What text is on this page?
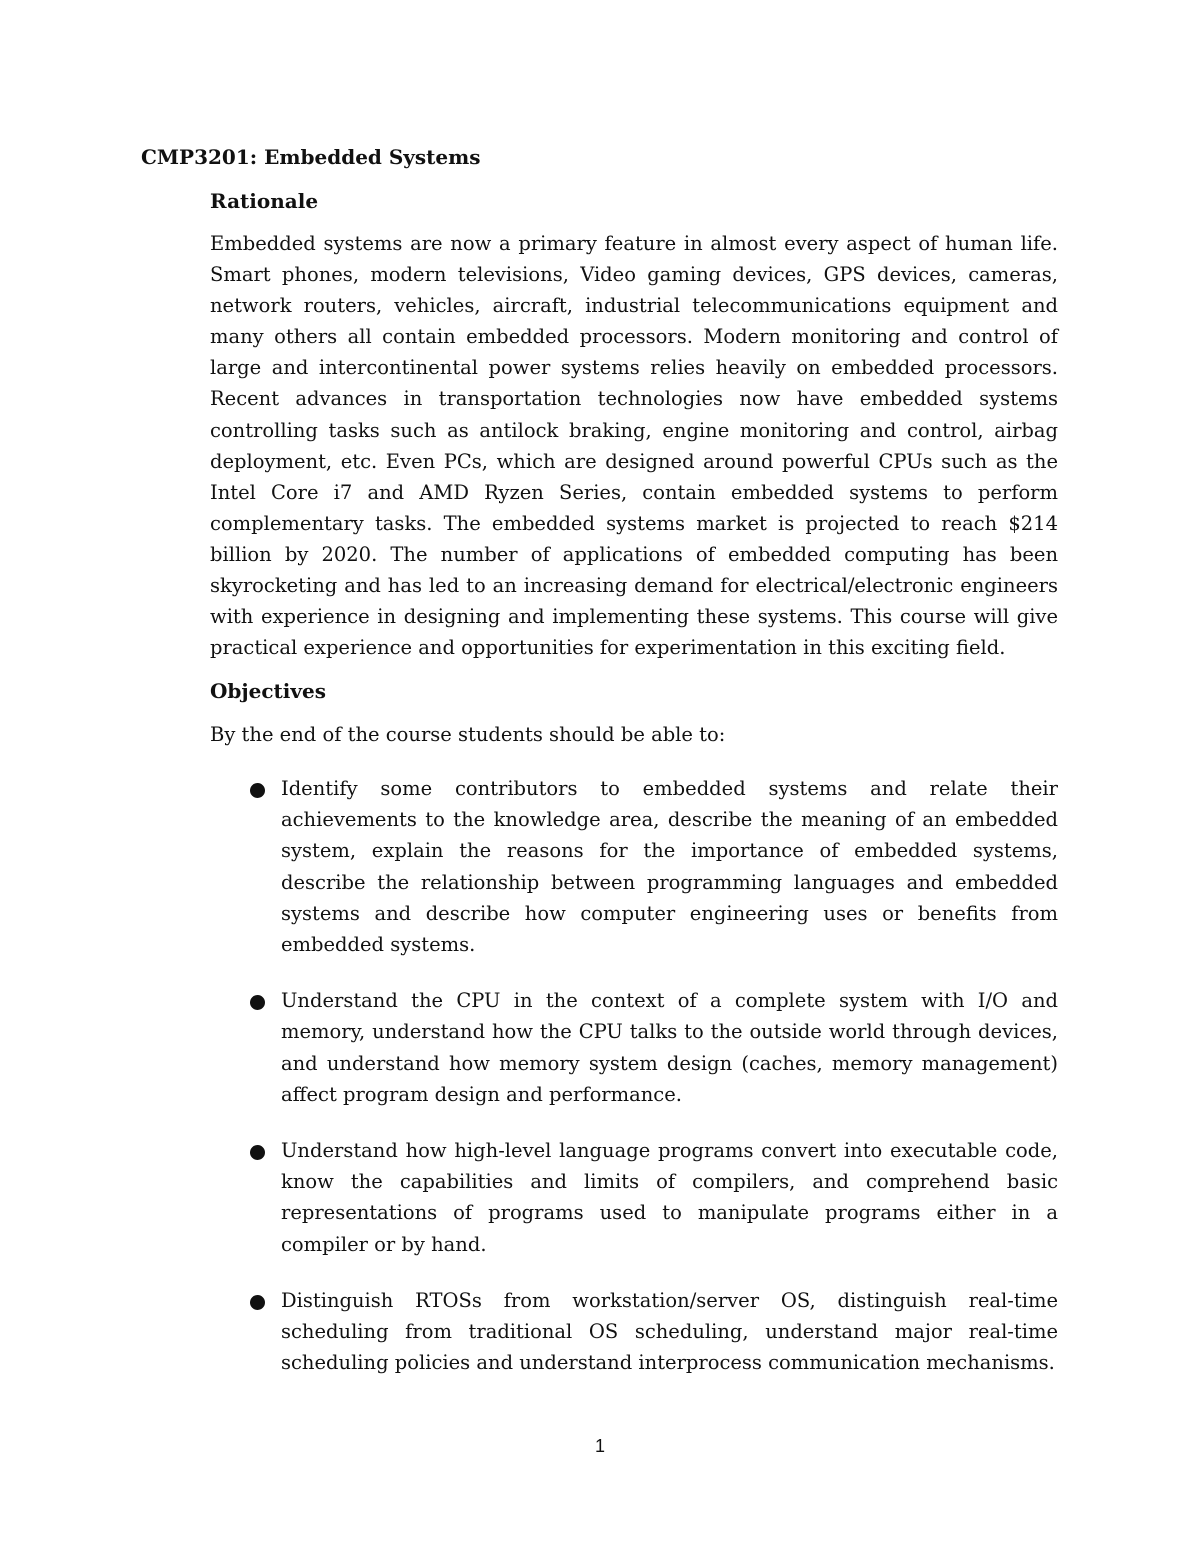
CMP3201: Embedded Systems
Rationale

Embedded systems are now a primary feature in almost every aspect of human life. Smart phones, modern televisions, Video gaming devices, GPS devices, cameras, network routers, vehicles, aircraft, industrial telecommunications equipment and many others all contain embedded processors. Modern monitoring and control of large and intercontinental power systems relies heavily on embedded processors. Recent advances in transportation technologies now have embedded systems controlling tasks such as antilock braking, engine monitoring and control, airbag deployment, etc. Even PCs, which are designed around powerful CPUs such as the Intel Core i7 and AMD Ryzen Series, contain embedded systems to perform complementary tasks. The embedded systems market is projected to reach $214 billion by 2020. The number of applications of embedded computing has been skyrocketing and has led to an increasing demand for electrical/electronic engineers with experience in designing and implementing these systems. This course will give practical experience and opportunities for experimentation in this exciting field.

Objectives
By the end of the course students should be able to:
Identify some contributors to embedded systems and relate their achievements to the knowledge area, describe the meaning of an embedded system, explain the reasons for the importance of embedded systems, describe the relationship between programming languages and embedded systems and describe how computer engineering uses or benefits from embedded systems.
Understand the CPU in the context of a complete system with I/O and memory, understand how the CPU talks to the outside world through devices, and understand how memory system design (caches, memory management) affect program design and performance.
Understand how high-level language programs convert into executable code, know the capabilities and limits of compilers, and comprehend basic representations of programs used to manipulate programs either in a compiler or by hand.
Distinguish RTOSs from workstation/server OS, distinguish real-time scheduling from traditional OS scheduling, understand major real-time scheduling policies and understand interprocess communication mechanisms.
1
